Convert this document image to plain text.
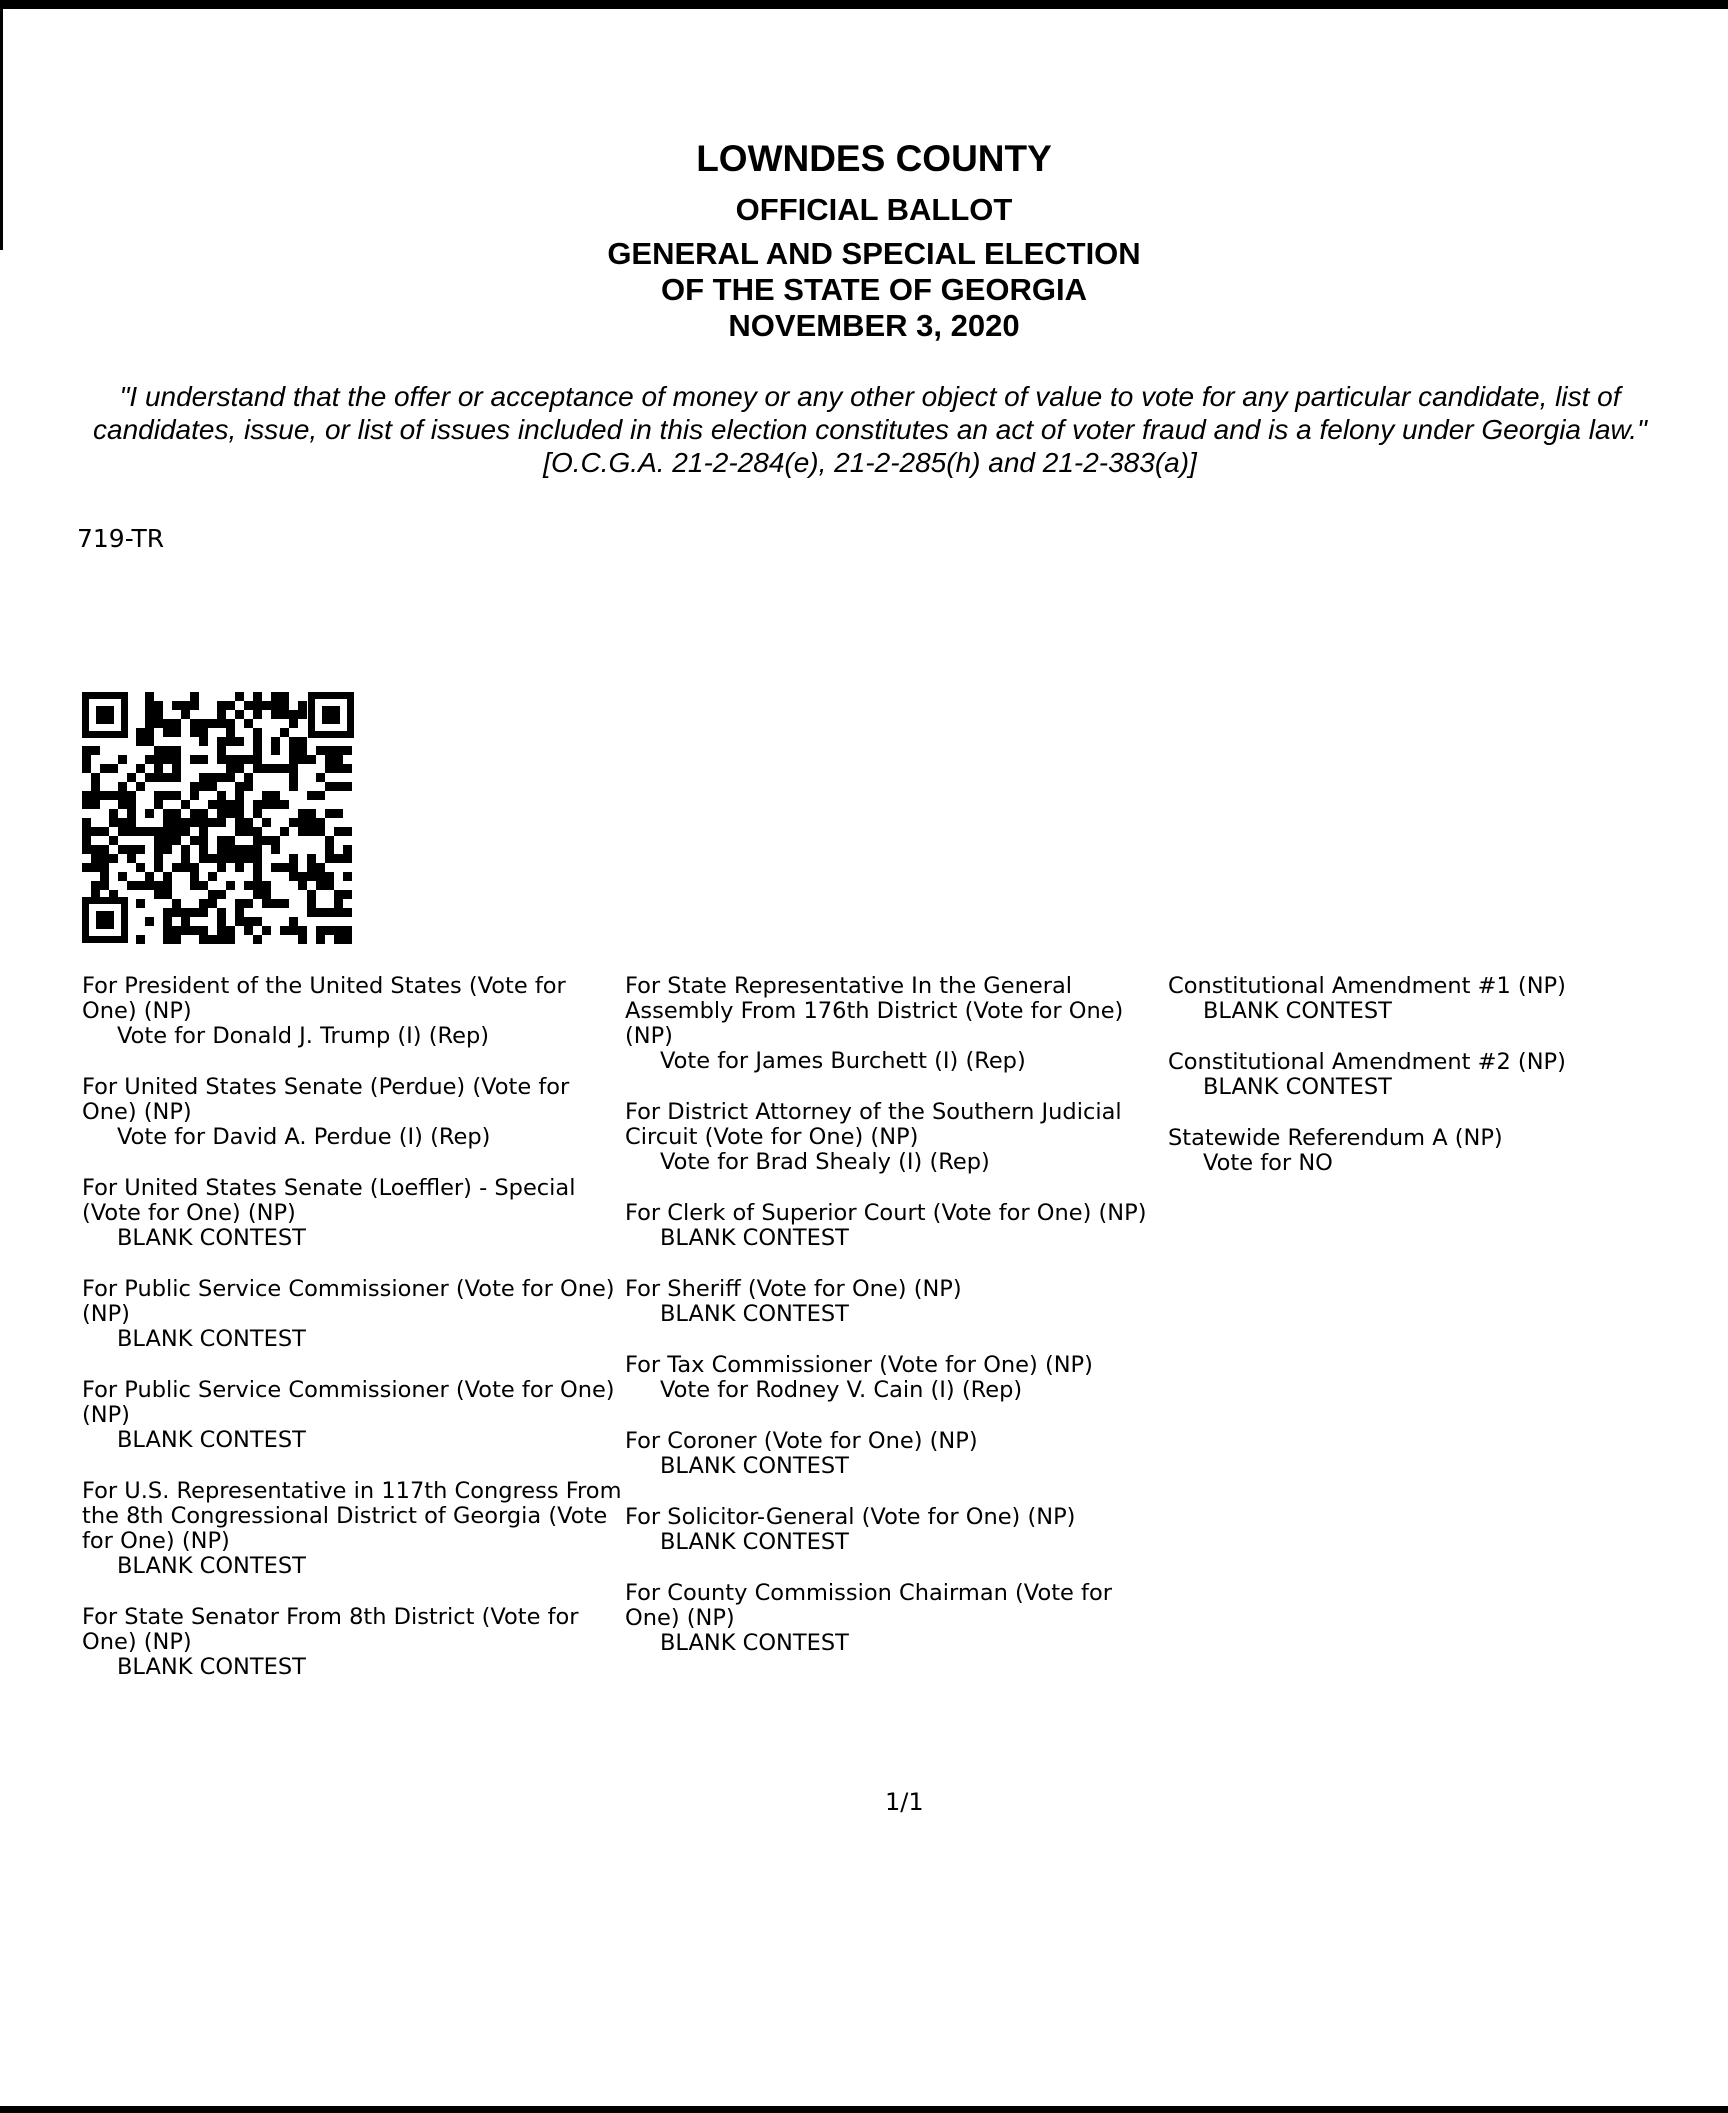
LOWNDES COUNTY
OFFICIAL BALLOT
GENERAL AND SPECIAL ELECTION
OF THE STATE OF GEORGIA
NOVEMBER 3, 2020
"I understand that the offer or acceptance of money or any other object of value to vote for any particular candidate, list of candidates, issue, or list of issues included in this election constitutes an act of voter fraud and is a felony under Georgia law." [O.C.G.A. 21-2-284(e), 21-2-285(h) and 21-2-383(a)]
719-TR
For President of the United States (Vote for One) (NP)
Vote for Donald J. Trump (I) (Rep)
For United States Senate (Perdue) (Vote for One) (NP)
Vote for David A. Perdue (I) (Rep)
For United States Senate (Loeffler) - Special (Vote for One) (NP)
BLANK CONTEST
For Public Service Commissioner (Vote for One) (NP)
BLANK CONTEST
For Public Service Commissioner (Vote for One) (NP)
BLANK CONTEST
For U.S. Representative in 117th Congress From the 8th Congressional District of Georgia (Vote for One) (NP)
BLANK CONTEST
For State Senator From 8th District (Vote for One) (NP)
BLANK CONTEST
For State Representative In the General Assembly From 176th District (Vote for One) (NP)
Vote for James Burchett (I) (Rep)
For District Attorney of the Southern Judicial Circuit (Vote for One) (NP)
Vote for Brad Shealy (I) (Rep)
For Clerk of Superior Court (Vote for One) (NP)
BLANK CONTEST
For Sheriff (Vote for One) (NP)
BLANK CONTEST
For Tax Commissioner (Vote for One) (NP)
Vote for Rodney V. Cain (I) (Rep)
For Coroner (Vote for One) (NP)
BLANK CONTEST
For Solicitor-General (Vote for One) (NP)
BLANK CONTEST
For County Commission Chairman (Vote for One) (NP)
BLANK CONTEST
Constitutional Amendment #1 (NP)
BLANK CONTEST
Constitutional Amendment #2 (NP)
BLANK CONTEST
Statewide Referendum A (NP)
Vote for NO
1/1
